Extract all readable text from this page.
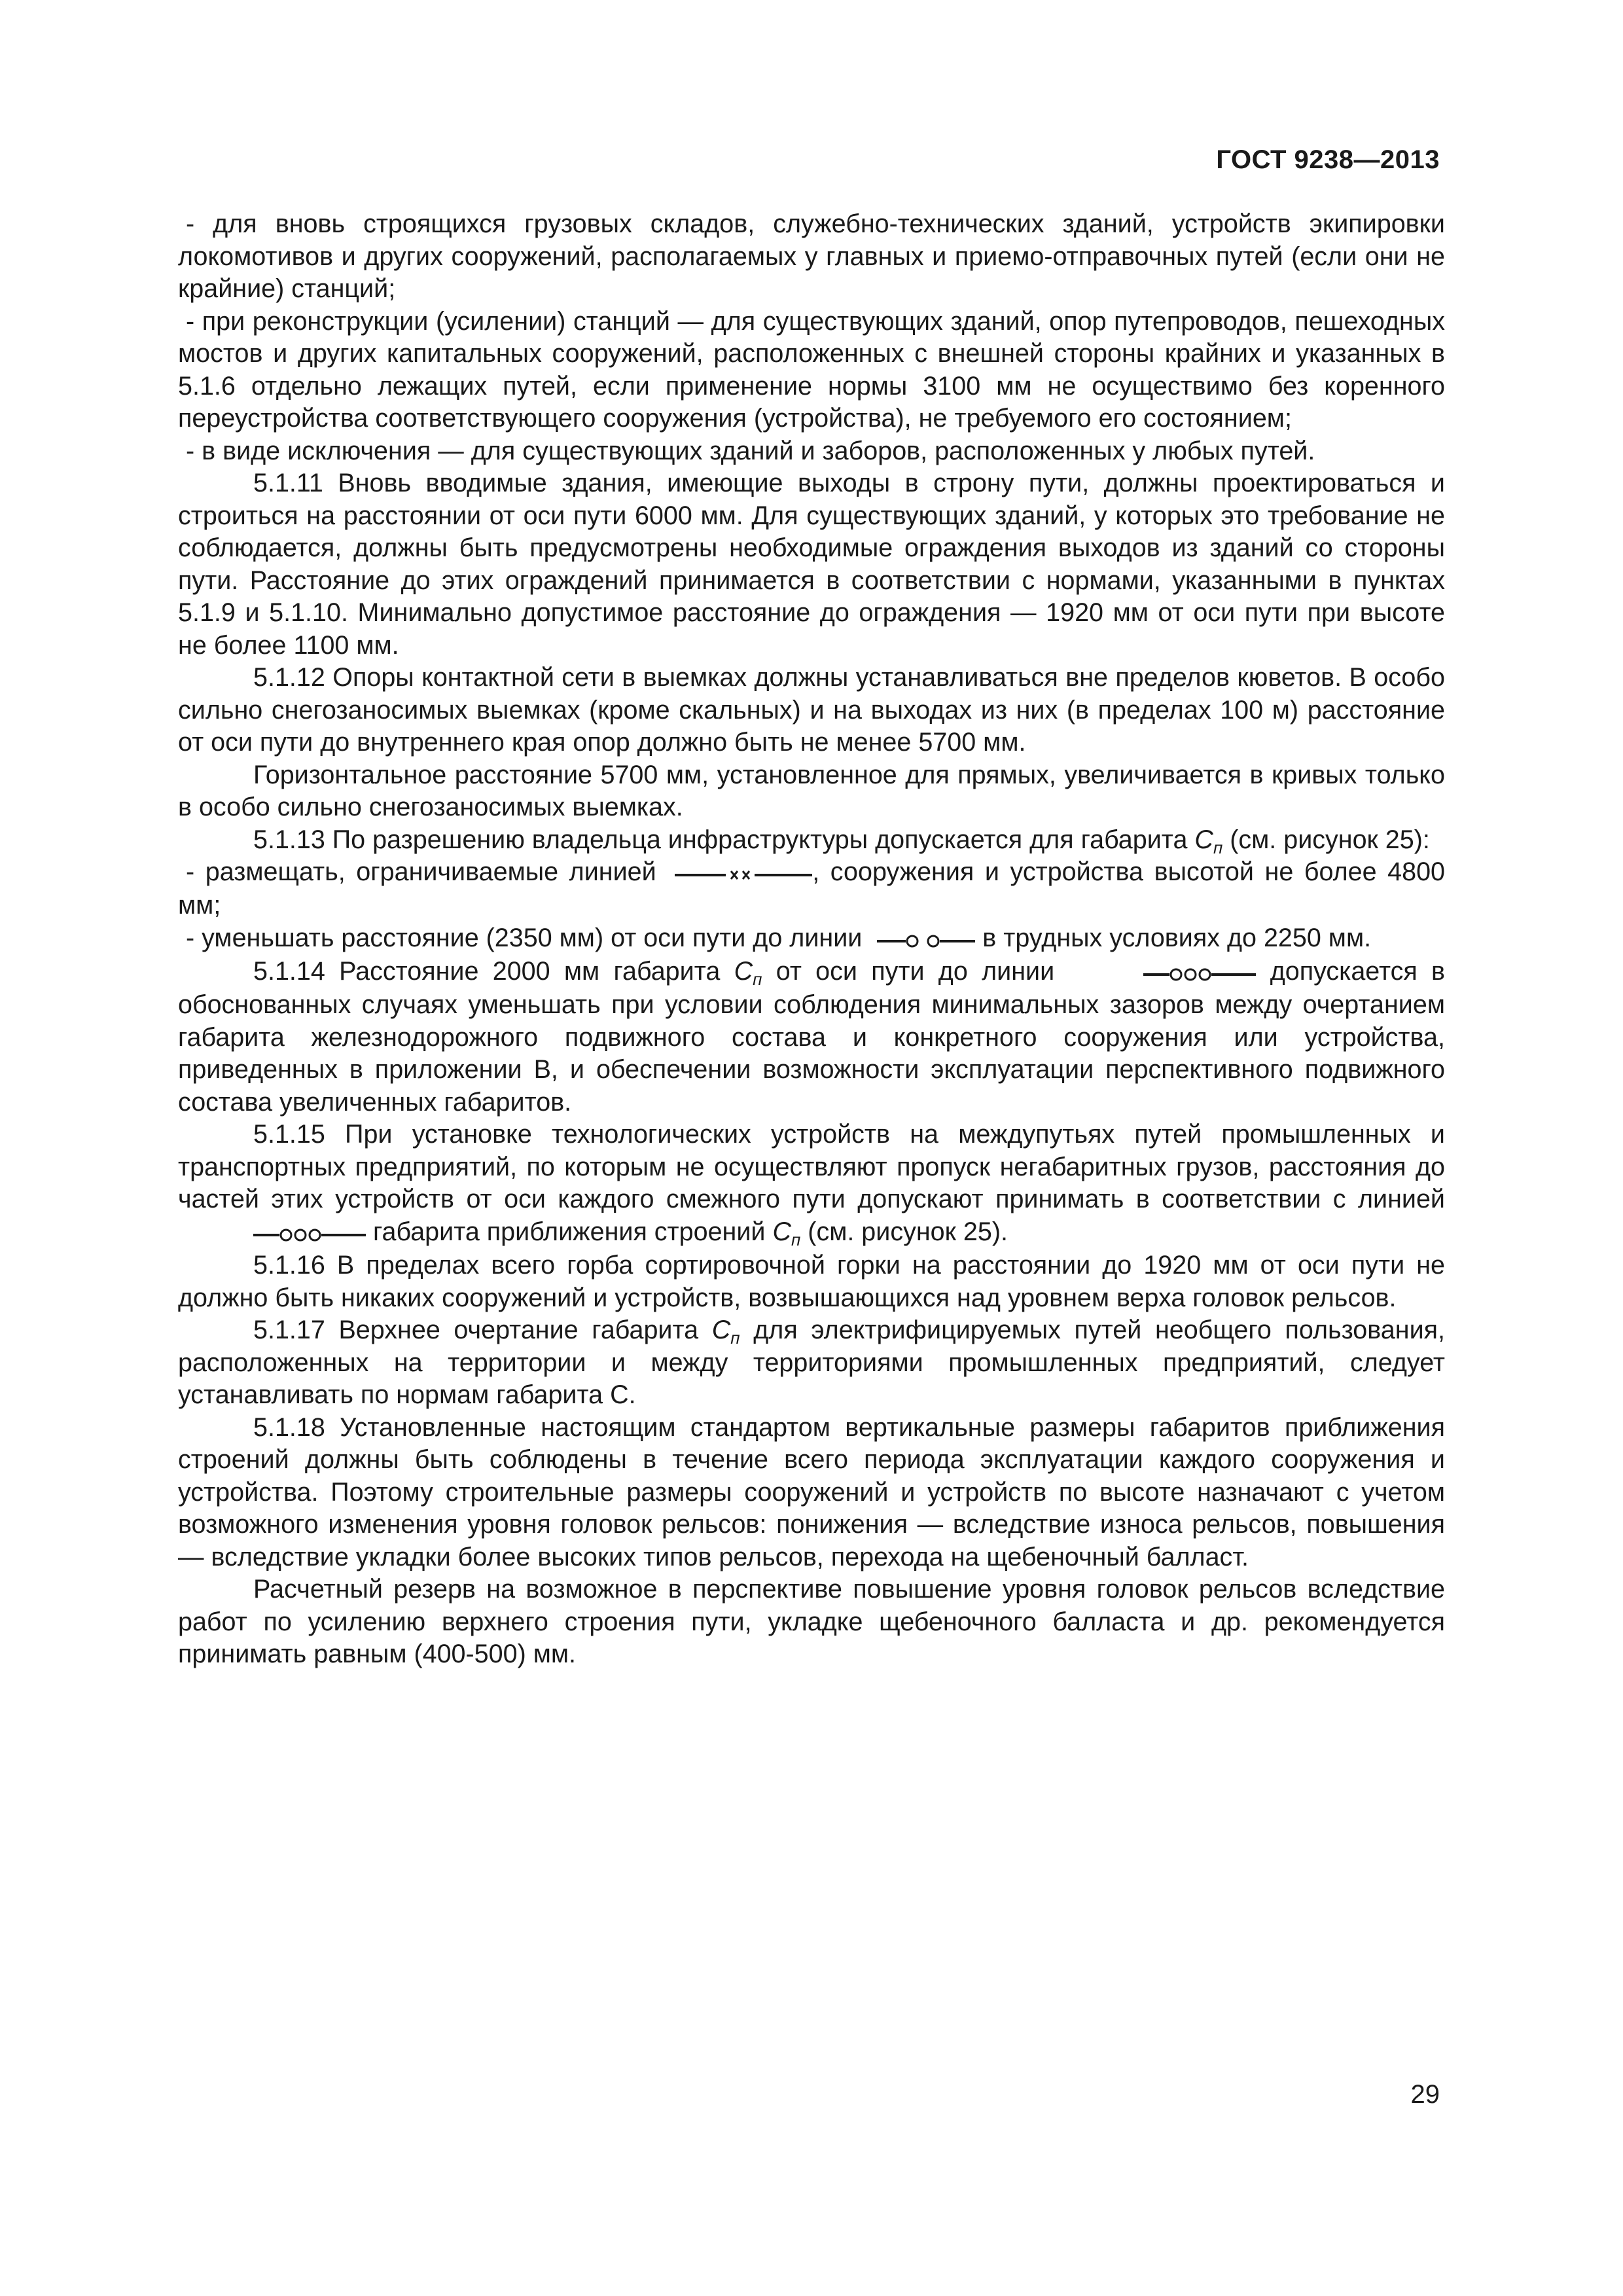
ГОСТ 9238—2013

- для вновь строящихся грузовых складов, служебно-технических зданий, устройств экипировки локомотивов и других сооружений, располагаемых у главных и приемо-отправочных путей (если они не крайние) станций;

- при реконструкции (усилении) станций — для существующих зданий, опор путепроводов, пешеходных мостов и других капитальных сооружений, расположенных с внешней стороны крайних и указанных в 5.1.6 отдельно лежащих путей, если применение нормы 3100 мм не осуществимо без коренного переустройства соответствующего сооружения (устройства), не требуемого его состоянием;

- в виде исключения — для существующих зданий и заборов, расположенных у любых путей.

5.1.11 Вновь вводимые здания, имеющие выходы в строну пути, должны проектироваться и строиться на расстоянии от оси пути 6000 мм. Для существующих зданий, у которых это требование не соблюдается, должны быть предусмотрены необходимые ограждения выходов из зданий со стороны пути. Расстояние до этих ограждений принимается в соответствии с нормами, указанными в пунктах 5.1.9 и 5.1.10. Минимально допустимое расстояние до ограждения — 1920 мм от оси пути при высоте не более 1100 мм.

5.1.12 Опоры контактной сети в выемках должны устанавливаться вне пределов кюветов. В особо сильно снегозаносимых выемках (кроме скальных) и на выходах из них (в пределах 100 м) расстояние от оси пути до внутреннего края опор должно быть не менее 5700 мм.

Горизонтальное расстояние 5700 мм, установленное для прямых, увеличивается в кривых только в особо сильно снегозаносимых выемках.

5.1.13 По разрешению владельца инфраструктуры допускается для габарита $С_п$ (см. рисунок 25):

- размещать, ограничиваемые линией	, сооружения и устройства высотой не более 4800 мм;

- уменьшать расстояние (2350 мм) от оси пути до линии	в трудных условиях до 2250 мм.

5.1.14 Расстояние 2000 мм габарита $С_п$ от оси пути до линии	допускается в обоснованных случаях уменьшать при условии соблюдения минимальных зазоров между очертанием габарита железнодорожного подвижного состава и конкретного сооружения или устройства, приведенных в приложении В, и обеспечении возможности эксплуатации перспективного подвижного состава увеличенных габаритов.

5.1.15 При установке технологических устройств на междупутьях путей промышленных и транспортных предприятий, по которым не осуществляют пропуск негабаритных грузов, расстояния до частей этих устройств от оси каждого смежного пути допускают принимать в соответствии с линией  габарита приближения строений $С_п$ (см. рисунок 25).

5.1.16 В пределах всего горба сортировочной горки на расстоянии до 1920 мм от оси пути не должно быть никаких сооружений и устройств, возвышающихся над уровнем верха головок рельсов.

5.1.17 Верхнее очертание габарита $С_п$ для электрифицируемых путей необщего пользования, расположенных на территории и между территориями промышленных предприятий, следует устанавливать по нормам габарита С.

5.1.18 Установленные настоящим стандартом вертикальные размеры габаритов приближения строений должны быть соблюдены в течение всего периода эксплуатации каждого сооружения и устройства. Поэтому строительные размеры сооружений и устройств по высоте назначают с учетом возможного изменения уровня головок рельсов: понижения — вследствие износа рельсов, повышения — вследствие укладки более высоких типов рельсов, перехода на щебеночный балласт.

Расчетный резерв на возможное в перспективе повышение уровня головок рельсов вследствие работ по усилению верхнего строения пути, укладке щебеночного балласта и др. рекомендуется принимать равным (400-500) мм.

29
